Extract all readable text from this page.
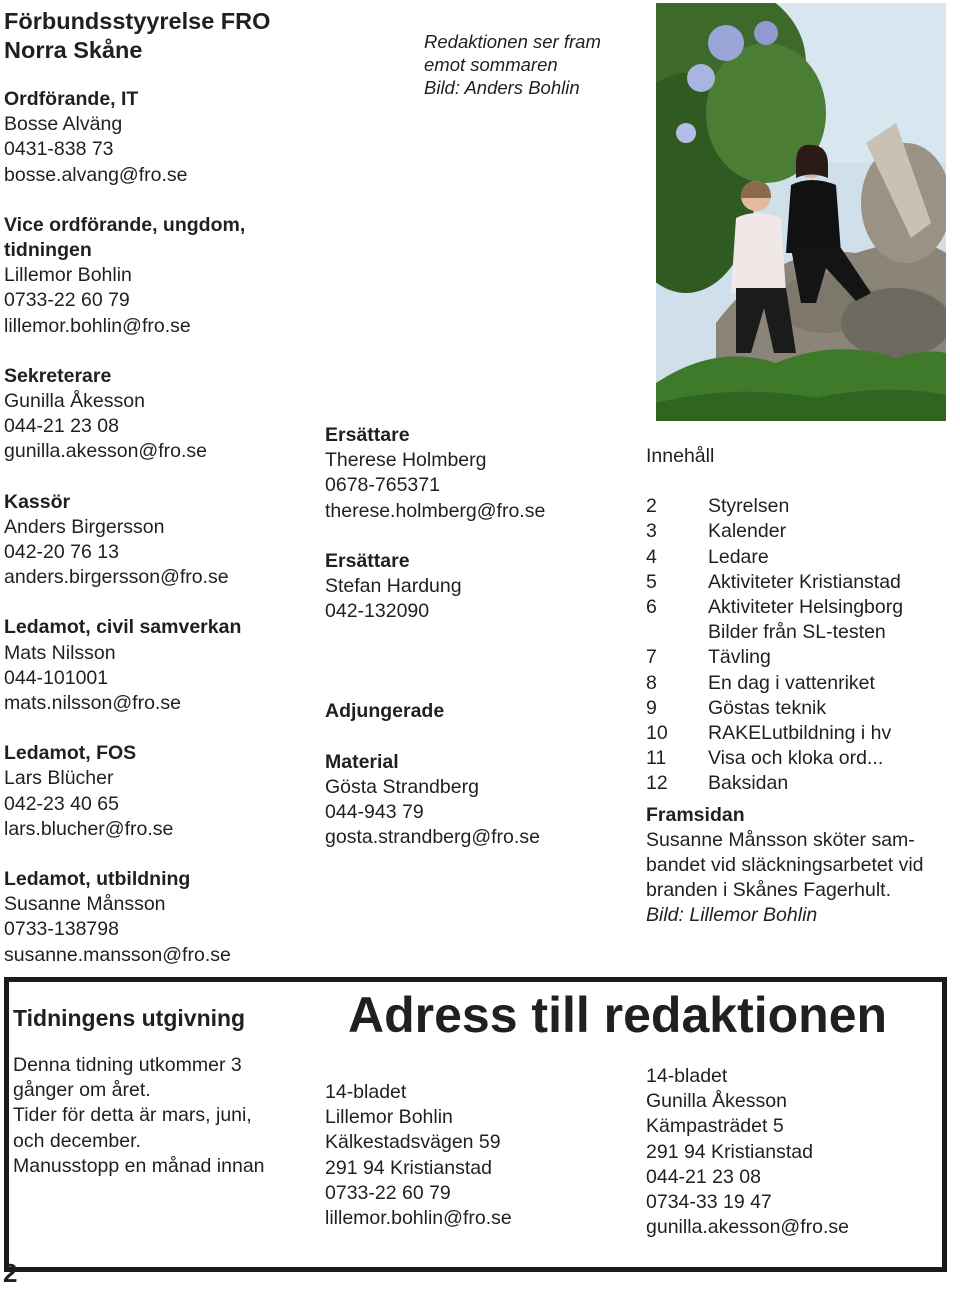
Förbundsstyyrelse FRO
Norra Skåne
Ordförande, IT
Bosse Alväng
0431-838 73
bosse.alvang@fro.se
Vice ordförande, ungdom,
tidningen
Lillemor Bohlin
0733-22 60 79
lillemor.bohlin@fro.se
Sekreterare
Gunilla Åkesson
044-21 23 08
gunilla.akesson@fro.se
Kassör
Anders Birgersson
042-20 76 13
anders.birgersson@fro.se
Ledamot, civil samverkan
Mats Nilsson
044-101001
mats.nilsson@fro.se
Ledamot, FOS
Lars Blücher
042-23 40 65
lars.blucher@fro.se
Ledamot, utbildning
Susanne Månsson
0733-138798
susanne.mansson@fro.se
Redaktionen ser fram
emot sommaren
Bild: Anders Bohlin
Ersättare
Therese Holmberg
0678-765371
therese.holmberg@fro.se
Ersättare
Stefan Hardung
042-132090
Adjungerade
Material
Gösta Strandberg
044-943 79
gosta.strandberg@fro.se
Innehåll
2	Styrelsen
3	Kalender
4	Ledare
5	Aktiviteter Kristianstad
6	Aktiviteter Helsingborg
Bilder från SL-testen
7	Tävling
8	En dag i vattenriket
9	Göstas teknik
10	RAKELutbildning i hv
11	Visa och kloka ord...
12	Baksidan
Framsidan
Susanne Månsson sköter sam-
bandet vid släckningsarbetet vid
branden i Skånes Fagerhult.
Bild: Lillemor Bohlin
Adress till redaktionen
Tidningens utgivning
Denna tidning utkommer 3
gånger om året.
Tider för detta är mars, juni,
och december.
Manusstopp en månad innan
14-bladet
Lillemor Bohlin
Kälkestadsvägen 59
291 94 Kristianstad
0733-22 60 79
lillemor.bohlin@fro.se
14-bladet
Gunilla Åkesson
Kämpasträdet 5
291 94 Kristianstad
044-21 23 08
0734-33 19 47
gunilla.akesson@fro.se
2
